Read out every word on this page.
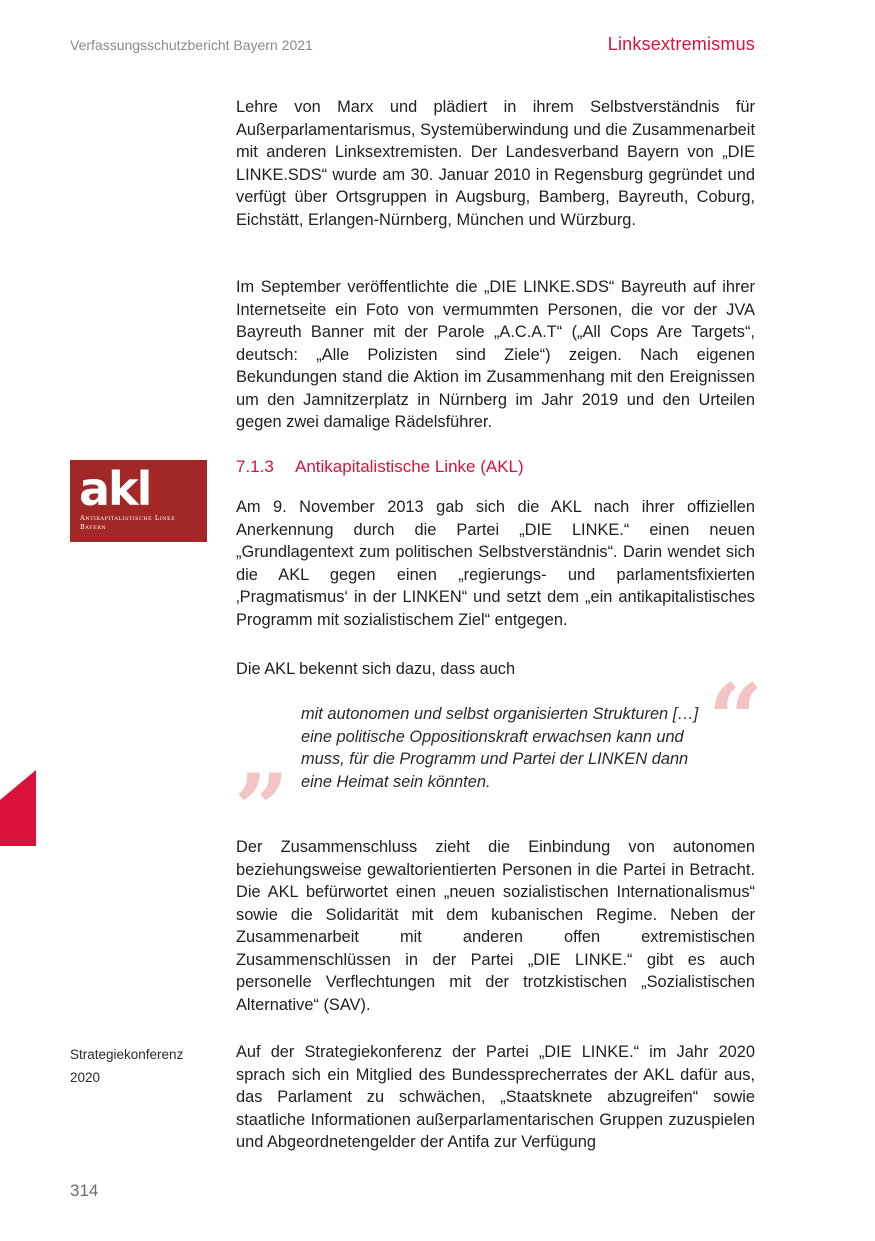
Verfassungsschutzbericht Bayern 2021	Linksextremismus

Lehre von Marx und plädiert in ihrem Selbstverständnis für Außerparlamentarismus, Systemüberwindung und die Zusammenarbeit mit anderen Linksextremisten. Der Landesverband Bayern von „DIE LINKE.SDS“ wurde am 30. Januar 2010 in Regensburg gegründet und verfügt über Ortsgruppen in Augsburg, Bamberg, Bayreuth, Coburg, Eichstätt, Erlangen-Nürnberg, München und Würzburg.

Im September veröffentlichte die „DIE LINKE.SDS“ Bayreuth auf ihrer Internetseite ein Foto von vermummten Personen, die vor der JVA Bayreuth Banner mit der Parole „A.C.A.T“ („All Cops Are Targets“, deutsch: „Alle Polizisten sind Ziele“) zeigen. Nach eigenen Bekundungen stand die Aktion im Zusammenhang mit den Ereignissen um den Jamnitzerplatz in Nürnberg im Jahr 2019 und den Urteilen gegen zwei damalige Rädelsführer.

akl
Antikapitalistische Linke
Bayern
7.1.3 Antikapitalistische Linke (AKL)

Am 9. November 2013 gab sich die AKL nach ihrer offiziellen Anerkennung durch die Partei „DIE LINKE.“ einen neuen „Grundlagentext zum politischen Selbstverständnis“. Darin wendet sich die AKL gegen einen „regierungs- und parlamentsfixierten ‚Pragmatismus‘ in der LINKEN“ und setzt dem „ein antikapitalistisches Programm mit sozialistischem Ziel“ entgegen.

Die AKL bekennt sich dazu, dass auch	“

mit autonomen und selbst organisierten Strukturen […] eine politische Oppositionskraft erwachsen kann und muss, für die Programm und Partei der LINKEN dann eine Heimat sein könnten.

”

Der Zusammenschluss zieht die Einbindung von autonomen beziehungsweise gewaltorientierten Personen in die Partei in Betracht. Die AKL befürwortet einen „neuen sozialistischen Internationalismus“ sowie die Solidarität mit dem kubanischen Regime. Neben der Zusammenarbeit mit anderen offen extremistischen Zusammenschlüssen in der Partei „DIE LINKE.“ gibt es auch personelle Verflechtungen mit der trotzkistischen „Sozialistischen Alternative“ (SAV).

Strategiekonferenz
2020

Auf der Strategiekonferenz der Partei „DIE LINKE.“ im Jahr 2020 sprach sich ein Mitglied des Bundessprecherrates der AKL dafür aus, das Parlament zu schwächen, „Staatsknete abzugreifen“ sowie staatliche Informationen außerparlamentarischen Gruppen zuzuspielen und Abgeordnetengelder der Antifa zur Verfügung

314
